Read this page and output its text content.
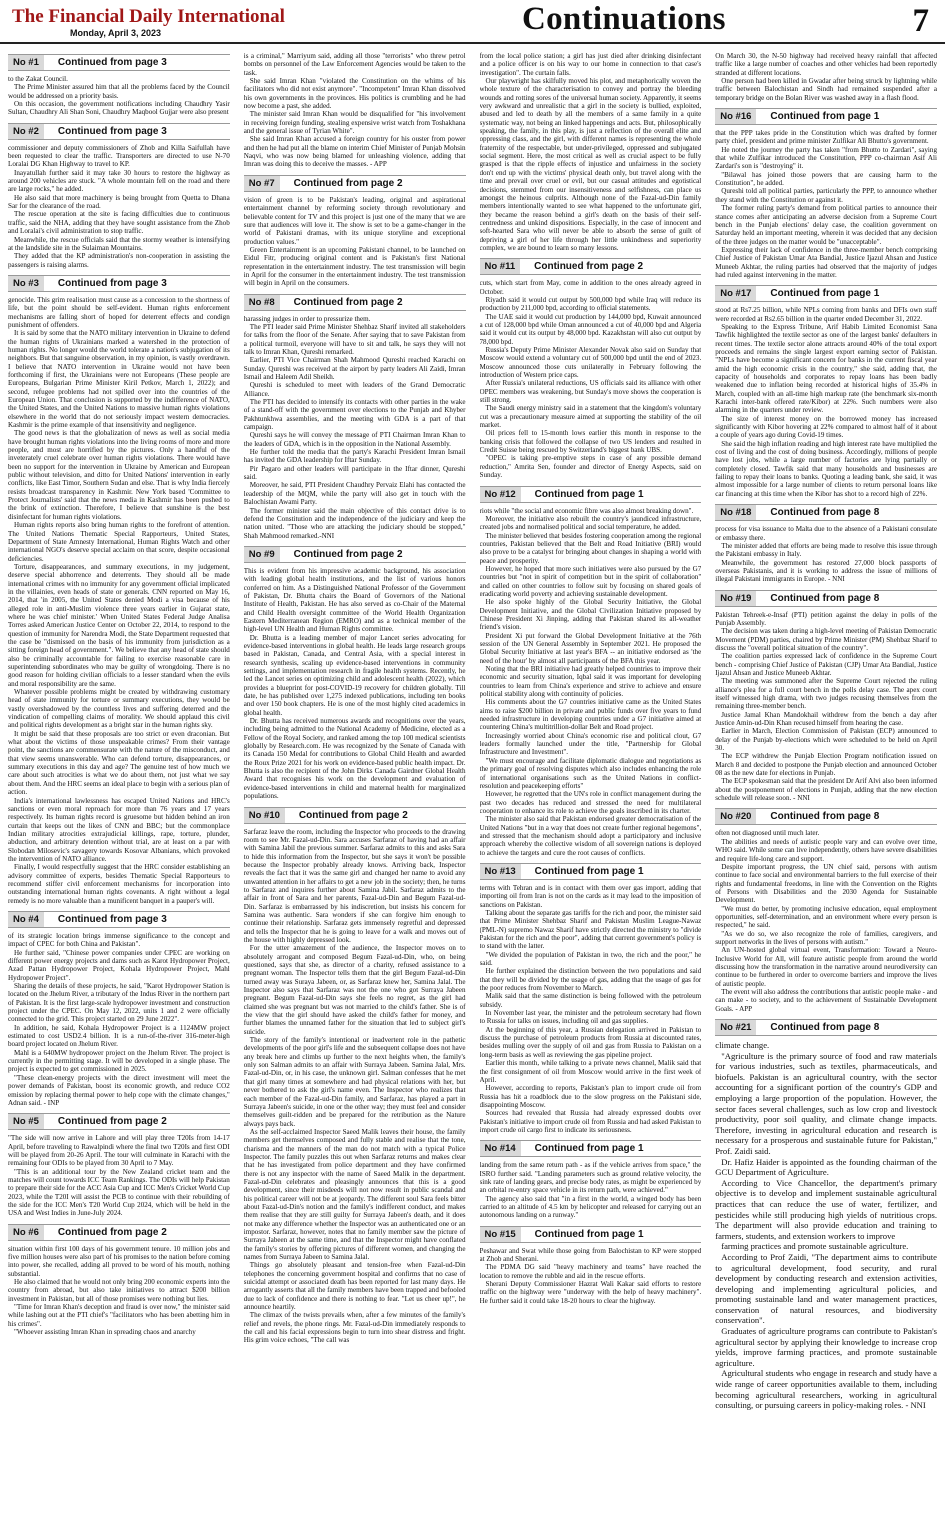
The Financial Daily International
Monday, April 3, 2023	Continuations	7
No #1	Continued from page 3

to the Zakat Council.

The Prime Minister assured him that all the problems faced by the Council would be addressed on a priority basis.

On this occasion, the government notifications including Chaudhry Yasir Sultan, Chaudhry Ali Shan Soni, Chaudhry Maqbool Gujjar were also present

No #2	Continued from page 3

commissioner and deputy commissioners of Zhob and Killa Saifullah have been requested to clear the traffic. Transporters are directed to use N-70 Loralai DG Khan Highway to travel to KP.

Inayatullah further said it may take 30 hours to restore the highway as around 200 vehicles are stuck. "A whole mountain fell on the road and there are large rocks," he added.

He also said that more machinery is being brought from Quetta to Dhana Sar for the clearance of the road.

The rescue operation at the site is facing difficulties due to continuous traffic, said the NHA, adding that they have sought assistance from the Zhob and Loralai's civil administration to stop traffic.

Meanwhile, the rescue officials said that the stormy weather is intensifying at the landslide site in the Sulaiman Mountains.

They added that the KP administration's non-cooperation in assisting the passengers is raising alarms.

No #3	Continued from page 3

genocide. This grim realisation must cause as a concession to the shortness of life, but the point should be self-evident. Human rights enforcement mechanisms are falling short of hoped for deterrent effects and condign punishment of offenders.

It is said by some that the NATO military intervention in Ukraine to defend the human rights of Ukrainians marked a watershed in the protection of human rights. No longer would the world tolerate a nation's subjugation of its neighbors. But that sanguine observation, in my opinion, is vastly overdrawn. I believe that NATO intervention in Ukraine would not have been forthcoming if first, the Ukrainians were not Europeans (These people are Europeans, Bulgarian Prime Minister Kiril Petkov, March 1, 2022); and second, refugee problems had not spilled over into the countries of the European Union. That conclusion is supported by the indifference of NATO, the United States, and the United Nations to massive human rights violations elsewhere in the world that do not seriously impact western democracies. Kashmir is the prime example of that insensitivity and negligence.

The good news is that the globalization of news as well as social media have brought human rights violations into the living rooms of more and more people, and most are horrified by the pictures. Only a handful of the inveterately cruel celebrate over human rights violations. There would have been no support for the intervention in Ukraine by American and European public without television, and ditto for United Nations' intervention in early conflicts, like East Timor, Southern Sudan and else. That is why India fiercely resists broadcast transparency in Kashmir. New York based 'Committee to Protect Journalists' said that the news media in Kashmir has been pushed to the brink of extinction. Therefore, I believe that sunshine is the best disinfectant for human rights violations.

Human rights reports also bring human rights to the forefront of attention. The United Nations Thematic Special Rapporteurs, United States, Department of State Amnesty International, Human Rights Watch and other international NGO's deserve special acclaim on that score, despite occasional deficiencies.

Torture, disappearances, and summary executions, in my judgement, deserve special abhorrence and deterrents. They should all be made international crimes with no immunity for any government official implicated in the villainies, even heads of state or generals. CNN reported on May 16, 2014, that 'in 2005, the United States denied Modi a visa because of his alleged role in anti-Muslim violence three years earlier in Gujarat state, where he was chief minister.' When United States Federal Judge Analisa Torres asked American Justice Center on October 22, 2014, to respond to the question of immunity for Narendra Modi, the State Department requested that the case be "dismissed on the basis of his immunity from jurisdiction as a sitting foreign head of government.". We believe that any head of state should also be criminally accountable for failing to exercise reasonable care in superintending subordinates who may be guilty of wrongdoing. There is no good reason for holding civilian officials to a lesser standard when the evils and moral responsibility are the same.

Whatever possible problems might be created by withdrawing customary head of state immunity for torture or summary executions, they would be vastly overshadowed by the countless lives and suffering deterred and the vindication of compelling claims of morality. We should applaud this civil and political rights development as a bright star in the human rights sky.

It might be said that these proposals are too strict or even draconian. But what about the victims of those unspeakable crimes? From their vantage point, the sanctions are commensurate with the nature of the misconduct, and that view seems unanswerable. Who can defend torture, disappearances, or summary executions in this day and age? The genuine test of how much we care about such atrocities is what we do about them, not just what we say about them. And the HRC seems an ideal place to begin with a serious plan of action.

India's international lawlessness has escaped United Nations and HRC's sanctions or even moral reproach for more than 76 years and 17 years respectively. Its human rights record is gruesome but hidden behind an iron curtain that keeps out the likes of CNN and BBC; but the commonplace Indian military atrocities extrajudicial killings, rape, torture, plunder, abduction, and arbitrary detention without trial, are at least on a par with Slobodan Milosevic's savagery towards Kosovar Albanians, which provoked the intervention of NATO alliance.

Finally, I would respectfully suggest that the HRC consider establishing an advisory committee of experts, besides Thematic Special Rapporteurs to recommend stiffer civil enforcement mechanisms for incorporation into outstanding international human rights covenants. A right without a legal remedy is no more valuable than a munificent banquet in a pauper's will.

No #4	Continued from page 3

of its strategic location brings immense significance to the concept and impact of CPEC for both China and Pakistan".

He further said, "Chinese power companies under CPEC are working on different power energy projects and dams such as Karot Hydropower Project, Azad Pattan Hydropower Project, Kohala Hydropower Project, Mahl Hydropower Project".

Sharing the details of these projects, he said, "Karot Hydropower Station is located on the Jhelum River, a tributary of the Indus River in the northern part of Pakistan. It is the first large-scale hydropower investment and construction project under the CPEC. On May 12, 2022, units 1 and 2 were officially connected to the grid. This project started on 29 June 2022".

In addition, he said, Kohala Hydropower Project is a 1124MW project estimated to cost USD2.4 billion. It is a run-of-the-river 316-meter-high board project located on Jhelum River.

Mahl is a 640MW hydropower project on the Jhelum River. The project is currently in the permitting stage. It will be developed in a single phase. The project is expected to get commissioned in 2025.

"These clean-energy projects with the direct investment will meet the power demands of Pakistan, boost its economic growth, and reduce CO2 emission by replacing thermal power to help cope with the climate changes," Adnan said. - INP

No #5	Continued from page 2

"The side will now arrive in Lahore and will play three T20Is from 14-17 April, before traveling to Rawalpindi where the final two T20Is and first ODI will be played from 20-26 April. The tour will culminate in Karachi with the remaining four ODIs to be played from 30 April to 7 May.

"This is an additional tour by the New Zealand cricket team and the matches will count towards ICC Team Rankings. The ODIs will help Pakistan to prepare their side for the ACC Asia Cup and ICC Men's Cricket World Cup 2023, while the T20I will assist the PCB to continue with their rebuilding of the side for the ICC Men's T20 World Cup 2024, which will be held in the USA and West Indies in June-July 2024.

No #6	Continued from page 2

situation within first 100 days of his government tenure. 10 million jobs and five million houses were also part of his promises to the nation before coming into power, she recalled, adding all proved to be word of his mouth, nothing substantial.

He also claimed that he would not only bring 200 economic experts into the country from abroad, but also take initiatives to attract $200 billion investment in Pakistan, but all of those promises were nothing but lies.

"Time for Imran Khan's deception and fraud is over now," the minister said while lashing out at the PTI chief's "facilitators who has been abetting him in his crimes".

"Whoever assisting Imran Khan in spreading chaos and anarchy

is a criminal," Marriyum said, adding all those "terrorists" who threw petrol bombs on personnel of the Law Enforcement Agencies would be taken to the task.

She said Imran Khan "violated the Constitution on the whims of his facilitators who did not exist anymore". "Incompetent" Imran Khan dissolved his own governments in the provinces. His politics is crumbling and he had now become a past, she added.

The minister said Imran Khan would be disqualified for "his involvement in receiving foreign funding, stealing expensive wrist watch from Toshakhana and the general issue of Tyrian White".

She said Imran Khan accused a foreign country for his ouster from power and then he had put all the blame on interim Chief Minister of Punjab Mohsin Naqvi, who was now being blamed for unleashing violence, adding that Imran was doing this to deceive the masses. - APP

No #7	Continued from page 2

vision of green is to be Pakistan's leading, original and aspirational entertainment channel by reforming society through revolutionary and believable content for TV and this project is just one of the many that we are sure that audiences will love it. The show is set to be a game-changer in the world of Pakistani dramas, with its unique storyline and exceptional production values."

Green Entertainment is an upcoming Pakistani channel, to be launched on Eidul Fitr, producing original content and is Pakistan's first National representation in the entertainment industry. The test transmission will begin in April for the consumer in the entertainment industry. The test transmission will begin in April on the consumers.

No #8	Continued from page 2

harassing judges in order to pressurize them.

The PTI leader said Prime Minister Shehbaz Sharif invited all stakeholders for talks from the floor of the Senate. After saying that to save Pakistan from a political turmoil, everyone will have to sit and talk, he says they will not talk to Imran Khan, Qureshi remarked.

Earlier, PTI Vice Chairman Shah Mahmood Qureshi reached Karachi on Sunday. Qureshi was received at the airport by party leaders Ali Zaidi, Imran Ismail and Haleem Adil Sheikh.

Qureshi is scheduled to meet with leaders of the Grand Democratic Alliance.

The PTI has decided to intensify its contacts with other parties in the wake of a stand-off with the government over elections to the Punjab and Khyber Pakhtunkhwa assemblies, and the meeting with GDA is a part of that campaign.

Qureshi says he will convey the message of PTI Chairman Imran Khan to the leaders of GDA, which is in the opposition in the National Assembly.

He further told the media that the party's Karachi President Imran Ismail has invited the GDA leadership for Iftar Sunday.

Pir Pagaro and other leaders will participate in the Iftar dinner, Qureshi said.

Moreover, he said, PTI President Chaudhry Pervaiz Elahi has contacted the leadership of the MQM, while the party will also get in touch with the Balochistan Awami Party.

The former minister said the main objective of this contact drive is to defend the Constitution and the independence of the judiciary and keep the nation united. "Those who are attacking the judiciary should be stopped," Shah Mahmood remarked.-NNI

No #9	Continued from page 2

This is evident from his impressive academic background, his association with leading global health institutions, and the list of various honors conferred on him. As a Distinguished National Professor of the Government of Pakistan, Dr. Bhutta chairs the Board of Governors of the National Institute of Health, Pakistan. He has also served as co-Chair of the Maternal and Child Health oversight committee of the World Health Organization Eastern Mediterranean Region (EMRO) and as a technical member of the high-level UN Health and Human Rights committee.

Dr. Bhutta is a leading member of major Lancet series advocating for evidence-based interventions in global health. He leads large research groups based in Pakistan, Canada, and Central Asia, with a special interest in research synthesis, scaling up evidence-based interventions in community settings, and implementation research in fragile health systems. Recently, he led the Lancet series on optimizing child and adolescent health (2022), which provides a blueprint for post-COVID-19 recovery for children globally. Till date, he has published over 1,275 indexed publications, including ten books and over 150 book chapters. He is one of the most highly cited academics in global health.

Dr. Bhutta has received numerous awards and recognitions over the years, including being admitted to the National Academy of Medicine, elected as a Fellow of the Royal Society, and ranked among the top 100 medical scientists globally by Research.com. He was recognized by the Senate of Canada with its Canada 150 Medal for contributions to Global Child Health and awarded the Roux Prize 2021 for his work on evidence-based public health impact. Dr. Bhutta is also the recipient of the John Dirks Canada Gairdner Global Health Award that recognises his work on the development and evaluation of evidence-based interventions in child and maternal health for marginalized populations.

No #10	Continued from page 2

Sarfaraz leave the room, including the Inspector who proceeds to the drawing room to see Mr. Fazal-ud-Din. Sara accuses Sarfaraz of having had an affair with Samina Jabil the previous summer. Sarfaraz admits to this and asks Sara to hide this information from the Inspector, but she says it won't be possible because the Inspector probably already knows. Arriving back, Inspector reveals the fact that it was the same girl and changed her name to avoid any unwanted attention in her affairs to get a new job in the society; then, he turns to Sarfaraz and inquires further about Samina Jabil. Sarfaraz admits to the affair in front of Sara and her parents, Fazal-ud-Din and Begum Fazal-ud-Din. Sarfaraz is embarrassed by his indiscretion, but insists his concern for Samina was authentic. Sara wonders if she can forgive him enough to continue their relationship. Sarfaraz gets immensely regretful and depressed and tells the Inspector that he is going to leave for a walk and moves out of the house with highly depressed look.

For the utter amazement of the audience, the Inspector moves on to absolutely arrogant and composed Begum Fazal-ud-Din, who, on being questioned, says that she, as director of a charity, refused assistance to a pregnant woman. The Inspector tells them that the girl Begum Fazal-ud-Din turned away was Suraya Jabeen, or, as Sarfaraz knew her, Samina Jalal. The Inspector also says that Sarfaraz was not the one who got Surraya Jabeen pregnant. Begum Fazal-ud-Din says she feels no regret, as the girl had claimed she was pregnant but was not married to the child's father. She is of the view that the girl should have asked the child's father for money, and further blames the unnamed father for the situation that led to subject girl's suicide.

The story of the family's intentional or inadvertent role in the pathetic developments of the poor girl's life and the subsequent collapse does not have any break here and climbs up further to the next heights when, the family's only son Salman admits to an affair with Surraya Jabeen. Samina Jalal, Mrs. Fazal-ud-Din, or, in his case, the unknown girl. Salman confesses that he met that girl many times at somewhere and had physical relations with her, but never bothered to ask the girl's name even. The Inspector who realizes that each member of the Fazal-ud-Din family, and Sarfaraz, has played a part in Surraya Jabeen's suicide, in one or the other way; they must feel and consider themselves guilt-ridden and be prepared for the retribution as the Nature always pays back.

As the self-acclaimed Inspector Saeed Malik leaves their house, the family members get themselves composed and fully stable and realise that the tone, charisma and the manners of the man do not match with a typical Police Inspector. The family puzzles this out when Sarfaraz returns and makes clear that he has investigated from police department and they have confirmed there is not any inspector with the name of Saeed Malik in the department. Fazal-ud-Din celebrates and pleasingly announces that this is a good development, since their misdeeds will not now result in public scandal and his political career will not be at jeopardy. The different soul Sara feels bitter about Fazal-ud-Din's notion and the family's indifferent conduct, and makes them realise that they are still guilty for Surraya Jabeen's death, and it does not make any difference whether the Inspector was an authenticated one or an impostor. Sarfaraz, however, notes that no family member saw the picture of Surraya Jabeen at the same time, and that the Inspector might have conflated the family's stories by offering pictures of different women, and changing the names from Surraya Jabeen to Samina Jalal.

Things go absolutely pleasant and tension-free when Fazal-ud-Din telephones the concerning government hospital and confirms that no case of suicidal attempt or associated death has been reported for last many days. He arrogantly asserts that all the family members have been trapped and befooled due to lack of confidence and there is nothing to fear. "Let us cheer up!", he announce heartily.

The climax of the twists prevails when, after a few minutes of the family's relief and revels, the phone rings. Mr. Fazal-ud-Din immediately responds to the call and his facial expressions begin to turn into shear distress and fright. His grim voice echoes, "The call was

from the local police station; a girl has just died after drinking disinfectant and a police officer is on his way to our home in connection to that case's investigation". The curtain falls.

Our playwright has skilfully moved his plot, and metaphorically woven the whole texture of the characterisation to convey and portray the bleeding wounds and rotting sores of the universal human society. Apparently, it seems very awkward and unrealistic that a girl in the society is bullied, exploited, abused and led to death by all the members of a same family in a quite systematic way, not being an linked happenings and acts. But, philosophically speaking, the family, in this play, is just a reflection of the overall elite and oppressing class, and the girl, with different names is representing the whole fraternity of the respectable, but under-privileged, oppressed and subjugated social segment. Here, the most critical as well as crucial aspect to be fully grasped is that the ripple effects of injustice and unfairness in the society don't end up with the victims' physical death only, but travel along with the time and prevail over cruel or evil, but our casual attitudes and egotistical decisions, stemmed from our insensitiveness and selfishness, can place us amongst the heinous culprits. Although none of the Fazal-ud-Din family members intentionally wanted to see what happened to the unfortunate girl, they became the reason behind a girl's death on the basis of their self-centredness and unkind dispositions. Especially, in the case of innocent and soft-hearted Sara who will never be able to absorb the sense of guilt of depriving a girl of her life through her little unkindness and superiority complex, we are bound to learn so many lessons.

No #11	Continued from page 2

cuts, which start from May, come in addition to the ones already agreed in October.

Riyadh said it would cut output by 500,000 bpd while Iraq will reduce its production by 211,000 bpd, according to official statements.

The UAE said it would cut production by 144,000 bpd, Kuwait announced a cut of 128,000 bpd while Oman announced a cut of 40,000 bpd and Algeria said it would cut its output by 48,000 bpd. Kazakhstan will also cut output by 78,000 bpd.

Russia's Deputy Prime Minister Alexander Novak also said on Sunday that Moscow would extend a voluntary cut of 500,000 bpd until the end of 2023. Moscow announced those cuts unilaterally in February following the introduction of Western price caps.

After Russia's unilateral reductions, US officials said its alliance with other OPEC members was weakening, but Sunday's move shows the cooperation is still strong.

The Saudi energy ministry said in a statement that the kingdom's voluntary cut was a precautionary measure aimed at supporting the stability of the oil market.

Oil prices fell to 15-month lows earlier this month in response to the banking crisis that followed the collapse of two US lenders and resulted in Credit Suisse being rescued by Switzerland's biggest bank UBS.

"OPEC is taking pre-emptive steps in case of any possible demand reduction," Amrita Sen, founder and director of Energy Aspects, said on Sunday.

No #12	Continued from page 1

riots while "the social and economic fibre was also almost breaking down".

Moreover, the initiative also rebuilt the country's jaundiced infrastructure, created jobs and normalised political and social temperature, he added.

The minister believed that besides fostering cooperation among the regional countries, Pakistan believed that the Belt and Road Initiative (BRI) would also prove to be a catalyst for bringing about changes in shaping a world with peace and prosperity.

However, he hoped that more such initiatives were also pursued by the G7 countries but "not in spirit of competition but in the spirit of collaboration" and called on other countries to follow suit by focusing on shared goals of eradicating world poverty and achieving sustainable development.

He also spoke highly of the Global Security Initiative, the Global Development Initiative, and the Global Civilization Initiative proposed by Chinese President Xi Jinping, adding that Pakistan shared its all-weather friend's vision.

President Xi put forward the Global Development Initiative at the 76th session of the UN General Assembly in September 2021. He proposed the Global Security Initiative at last year's BFA -- an initiative endorsed as 'the need of the hour' by almost all participants of the BFA this year.

Noting that the BRI initiative had greatly helped countries to improve their economic and security situation, Iqbal said it was important for developing countries to learn from China's experience and strive to achieve and ensure political stability along with continuity of policies.

His comments about the G7 countries initiative came as the United States aims to raise $200 billion in private and public funds over five years to fund needed infrastructure in developing countries under a G7 initiative aimed at countering China's multitrillion-dollar Belt and Road project.

Increasingly worried about China's economic rise and political clout, G7 leaders formally launched under the title, "Partnership for Global Infrastructure and Investment".

"We must encourage and facilitate diplomatic dialogue and negotiations as the primary goal of resolving disputes which also includes enhancing the role of international organisations such as the United Nations in conflict-resolution and peacekeeping efforts"

However, he regretted that the UN's role in conflict management during the past two decades has reduced and stressed the need for multilateral cooperation to enhance its role to achieve the goals inscribed in its charter.

The minister also said that Pakistan endorsed greater democratisation of the United Nations "but in a way that does not create further regional hegemons", and stressed that the mechanism should adopt a participatory and inclusive approach whereby the collective wisdom of all sovereign nations is deployed to achieve the targets and cure the root causes of conflicts.

No #13	Continued from page 1

terms with Tehran and is in contact with them over gas import, adding that importing oil from Iran is not on the cards as it may lead to the imposition of sanctions on Pakistan.

Talking about the separate gas tariffs for the rich and poor, the minister said that Prime Minister Shehbaz Sharif and Pakistan Muslim League-Nawaz (PML-N) supremo Nawaz Sharif have strictly directed the ministry to "divide Pakistan for the rich and the poor", adding that current government's policy is to stand with the latter.

"We divided the population of Pakistan in two, the rich and the poor," he said.

He further explained the distinction between the two populations and said that they will be divided by the usage of gas, adding that the usage of gas for the poor reduces from November to March.

Malik said that the same distinction is being followed with the petroleum subsidy.

In November last year, the minister and the petroleum secretary had flown to Russia for talks on issues, including oil and gas supplies.

At the beginning of this year, a Russian delegation arrived in Pakistan to discuss the purchase of petroleum products from Russia at discounted rates, besides mulling over the supply of oil and gas from Russia to Pakistan on a long-term basis as well as reviewing the gas pipeline project.

Earlier this month, while talking to a private news channel, Malik said that the first consignment of oil from Moscow would arrive in the first week of April.

However, according to reports, Pakistan's plan to import crude oil from Russia has hit a roadblock due to the slow progress on the Pakistani side, disappointing Moscow.

Sources had revealed that Russia had already expressed doubts over Pakistan's initiative to import crude oil from Russia and had asked Pakistan to import crude oil cargo first to indicate its seriousness.

No #14	Continued from page 1

landing from the same return path - as if the vehicle arrives from space," the ISRO further said. "Landing parameters such as ground relative velocity, the sink rate of landing gears, and precise body rates, as might be experienced by an orbital re-entry space vehicle in its return path, were achieved."

The agency also said that "in a first in the world, a winged body has been carried to an altitude of 4.5 km by helicopter and released for carrying out an autonomous landing on a runway."

No #15	Continued from page 1

Peshawar and Swat while those going from Balochistan to KP were stopped at Zhob and Sherani.

The PDMA DG said "heavy machinery and teams" have reached the location to remove the rubble and aid in the rescue efforts.

Sherani Deputy Commissioner Hazrat Wali Kakar said efforts to restore traffic on the highway were "underway with the help of heavy machinery". He further said it could take 18-20 hours to clear the highway.

On March 30, the N-50 highway had received heavy rainfall that affected traffic like a large number of coaches and other vehicles had been reportedly stranded at different locations.

One person had been killed in Gwadar after being struck by lightning while traffic between Balochistan and Sindh had remained suspended after a temporary bridge on the Bolan River was washed away in a flash flood.

No #16	Continued from page 1

that the PPP takes pride in the Constitution which was drafted by former party chief, president and prime minister Zulfikar Ali Bhutto's government.

He noted the journey the party has taken "from Bhutto to Zardari", saying that while Zulfikar introduced the Constitution, PPP co-chairman Asif Ali Zardari's son is "destroying" it.

"Bilawal has joined those powers that are causing harm to the Constitution", he added.

Qureshi told all political parties, particularly the PPP, to announce whether they stand with the Constitution or against it.

The former ruling party's demand from political parties to announce their stance comes after anticipating an adverse decision from a Supreme Court bench in the Punjab elections' delay case, the coalition government on Saturday held an important meeting, wherein it was decided that any decision of the three judges on the matter would be "unacceptable".

Expressing their lack of confidence in the three-member bench comprising Chief Justice of Pakistan Umar Ata Bandial, Justice Ijazul Ahsan and Justice Muneeb Akhtar, the ruling parties had observed that the majority of judges had ruled against intervening in the matter.

No #17	Continued from page 1

stood at Rs7.25 billion, while NPLs coming from banks and DFIs own staff were recorded at Rs2.65 billion in the quarter ended December 31, 2022.

Speaking to the Express Tribune, Arif Habib Limited Economist Sana Tawfik highlighted the textile sector as one of the largest banks' defaulters in recent times. The textile sector alone attracts around 40% of the total export proceeds and remains the single largest export earning sector of Pakistan. "NPLs have become a significant concern for banks in the current fiscal year amid the high economic crisis in the country," she said, adding that, the capacity of households and corporates to repay loans has been badly weakened due to inflation being recorded at historical highs of 35.4% in March, coupled with an all-time high markup rate (the benchmark six-month Karachi inter-bank offered rate/Kibor) at 22%. Such numbers were also alarming in the quarters under review.

The size of interest money on the borrowed money has increased significantly with Kibor hovering at 22% compared to almost half of it about a couple of years ago during Covid-19 times.

She said the high inflation reading and high interest rate have multiplied the cost of living and the cost of doing business. Accordingly, millions of people have lost jobs, while a large number of factories are lying partially or completely closed. Tawfik said that many households and businesses are failing to repay their loans to banks. Quoting a leading bank, she said, it was almost impossible for a large number of clients to return personal loans like car financing at this time when the Kibor has shot to a record high of 22%.

No #18	Continued from page 8

process for visa issuance to Malta due to the absence of a Pakistani consulate or embassy there.

The minister added that efforts are being made to resolve this issue through the Pakistani embassy in Italy.

Meanwhile, the government has restored 27,000 block passports of overseas Pakistanis, and it is working to address the issue of millions of illegal Pakistani immigrants in Europe. - NNI

No #19	Continued from page 8

Pakistan Tehreek-e-Insaf (PTI) petition against the delay in polls of the Punjab Assembly.

The decision was taken during a high-level meeting of Pakistan Democratic Movement (PDM) parties, chaired by Prime Minister (PM) Shehbaz Sharif to discuss the "overall political situation of the country".

The coalition parties expressed lack of confidence in the Supreme Court bench - comprising Chief Justice of Pakistan (CJP) Umar Ata Bandial, Justice Ijazul Ahsan and Justice Muneeb Akhtar.

The meeting was summoned after the Supreme Court rejected the ruling alliance's plea for a full court bench in the polls delay case. The apex court itself witnessed high drama, with two judges recusing themselves from the remaining three-member bench.

Justice Jamal Khan Mandokhail withdrew from the bench a day after Justice Amin-ud-Din Khan recused himself from hearing the case.

Earlier in March, Election Commission of Pakistan (ECP) announced to delay of the Punjab by-elections which were scheduled to be held on April 30.

The ECP withdrew the Punjab Election Program notification issued on March 8 and decided to postpone the Punjab election and announced October 08 as the new date for elections in Punjab.

The ECP spokesman said that the president Dr Arif Alvi also been informed about the postponement of elections in Punjab, adding that the new election schedule will release soon. - NNI

No #20	Continued from page 8

often not diagnosed until much later.

The abilities and needs of autistic people vary and can evolve over time, WHO said. While some can live independently, others have severe disabilities and require life-long care and support.

Despite important progress, the UN chief said, persons with autism continue to face social and environmental barriers to the full exercise of their rights and fundamental freedoms, in line with the Convention on the Rights of Persons with Disabilities and the 2030 Agenda for Sustainable Development.

"We must do better, by promoting inclusive education, equal employment opportunities, self-determination, and an environment where every person is respected," he said.

"As we do so, we also recognize the role of families, caregivers, and support networks in the lives of persons with autism."

An UN-hosted global virtual event, Transformation: Toward a Neuro-Inclusive World for All, will feature autistic people from around the world discussing how the transformation in the narrative around neurodiversity can continue to be furthered in order to overcome barriers and improve the lives of autistic people.

The event will also address the contributions that autistic people make - and can make - to society, and to the achievement of Sustainable Development Goals. - APP

No #21	Continued from page 8

climate change.

"Agriculture is the primary source of food and raw materials for various industries, such as textiles, pharmaceuticals, and biofuels. Pakistan is an agricultural country, with the sector accounting for a significant portion of the country's GDP and employing a large proportion of the population. However, the sector faces several challenges, such as low crop and livestock productivity, poor soil quality, and climate change impacts. Therefore, investing in agricultural education and research is necessary for a prosperous and sustainable future for Pakistan," Prof. Zaidi said.

Dr. Hafiz Haider is appointed as the founding chairman of the GCU Department of Agriculture.

According to Vice Chancellor, the department's primary objective is to develop and implement sustainable agricultural practices that can reduce the use of water, fertilizer, and pesticides while still producing high yields of nutritious crops. The department will also provide education and training to farmers, students, and extension workers to improve

farming practices and promote sustainable agriculture.

According to Prof Zaidi, "The department aims to contribute to agricultural development, food security, and rural development by conducting research and extension activities, developing and implementing agricultural policies, and promoting sustainable land and water management practices, conservation of natural resources, and biodiversity conservation".

Graduates of agriculture programs can contribute to Pakistan's agricultural sector by applying their knowledge to increase crop yields, improve farming practices, and promote sustainable agriculture.

Agricultural students who engage in research and study have a wide range of career opportunities available to them, including becoming agricultural researchers, working in agricultural consulting, or pursuing careers in policy-making roles. - NNI
